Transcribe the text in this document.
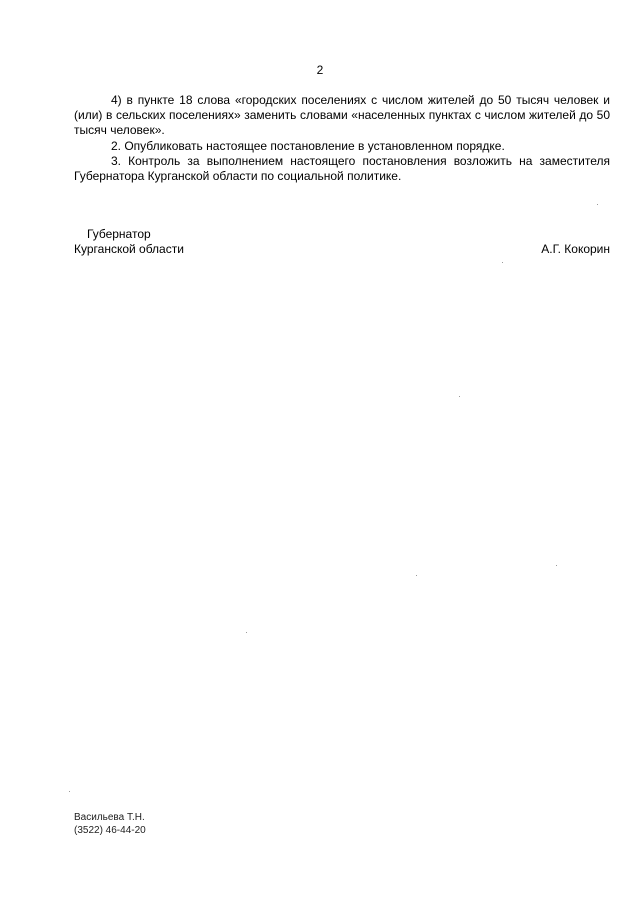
2

4) в пункте 18 слова «городских поселениях с числом жителей до 50 тысяч человек и (или) в сельских поселениях» заменить словами «населенных пунктах с числом жителей до 50 тысяч человек».

2. Опубликовать настоящее постановление в установленном порядке.

3. Контроль за выполнением настоящего постановления возложить на заместителя Губернатора Курганской области по социальной политике.

Губернатор
Курганской области	А.Г. Кокорин
Васильева Т.Н.
(3522) 46-44-20
